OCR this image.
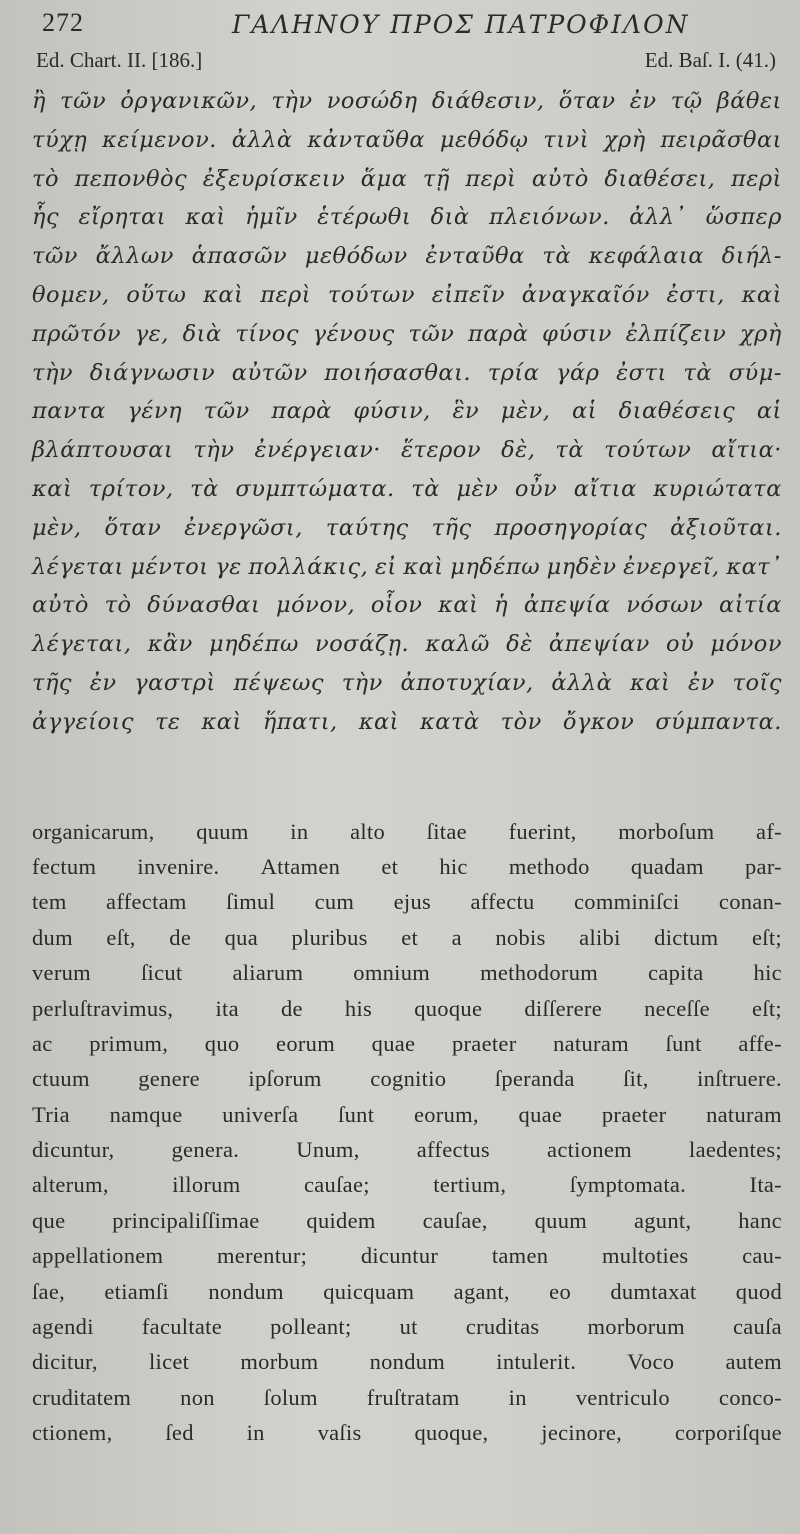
272	ΓΑΛΗΝΟΥ ΠΡΟΣ ΠΑΤΡΟΦΙΛΟΝ
Ed. Chart. II. [186.]	Ed. Baſ. I. (41.)
ἢ τῶν ὀργανικῶν, τὴν νοσώδη διάθεσιν, ὅταν ἐν τῷ βάθει
τύχῃ κείμενον. ἀλλὰ κἀνταῦθα μεθόδῳ τινὶ χρὴ πειρᾶσθαι
τὸ πεπονθὸς ἐξευρίσκειν ἅμα τῇ περὶ αὐτὸ διαθέσει, περὶ
ἧς εἴρηται καὶ ἡμῖν ἑτέρωθι διὰ πλειόνων. ἀλλ᾽ ὥσπερ
τῶν ἄλλων ἁπασῶν μεθόδων ἐνταῦθα τὰ κεφάλαια διήλ-
θομεν, οὕτω καὶ περὶ τούτων εἰπεῖν ἀναγκαῖόν ἐστι, καὶ
πρῶτόν γε, διὰ τίνος γένους τῶν παρὰ φύσιν ἐλπίζειν χρὴ
τὴν διάγνωσιν αὐτῶν ποιήσασθαι. τρία γάρ ἐστι τὰ σύμ-
παντα γένη τῶν παρὰ φύσιν, ἓν μὲν, αἱ διαθέσεις αἱ
βλάπτουσαι τὴν ἐνέργειαν· ἕτερον δὲ, τὰ τούτων αἴτια·
καὶ τρίτον, τὰ συμπτώματα. τὰ μὲν οὖν αἴτια κυριώτατα
μὲν, ὅταν ἐνεργῶσι, ταύτης τῆς προσηγορίας ἀξιοῦται.
λέγεται μέντοι γε πολλάκις, εἰ καὶ μηδέπω μηδὲν ἐνεργεῖ, κατ᾽
αὐτὸ τὸ δύνασθαι μόνον, οἷον καὶ ἡ ἀπεψία νόσων αἰτία
λέγεται, κἂν μηδέπω νοσάζῃ. καλῶ δὲ ἀπεψίαν οὐ μόνον
τῆς ἐν γαστρὶ πέψεως τὴν ἀποτυχίαν, ἀλλὰ καὶ ἐν τοῖς
ἀγγείοις τε καὶ ἥπατι, καὶ κατὰ τὸν ὄγκον σύμπαντα.
organicarum, quum in alto ſitae fuerint, morboſum af-
fectum invenire. Attamen et hic methodo quadam par-
tem affectam ſimul cum ejus affectu comminiſci conan-
dum eſt, de qua pluribus et a nobis alibi dictum eſt;
verum ſicut aliarum omnium methodorum capita hic
perluſtravimus, ita de his quoque diſſerere neceſſe eſt;
ac primum, quo eorum quae praeter naturam ſunt affe-
ctuum genere ipſorum cognitio ſperanda ſit, inſtruere.
Tria namque univerſa ſunt eorum, quae praeter naturam
dicuntur,	genera.	Unum,	affectus	actionem	laedentes;
alterum,	illorum	cauſae;	tertium,	ſymptomata.	Ita-
que principaliſſimae quidem cauſae, quum agunt, hanc
appellationem merentur; dicuntur tamen multoties cau-
ſae, etiamſi nondum quicquam agant, eo dumtaxat quod
agendi facultate polleant; ut cruditas morborum cauſa
dicitur, licet morbum nondum intulerit. Voco autem
cruditatem non ſolum fruſtratam in ventriculo conco-
ctionem, ſed in vaſis quoque, jecinore, corporiſque
